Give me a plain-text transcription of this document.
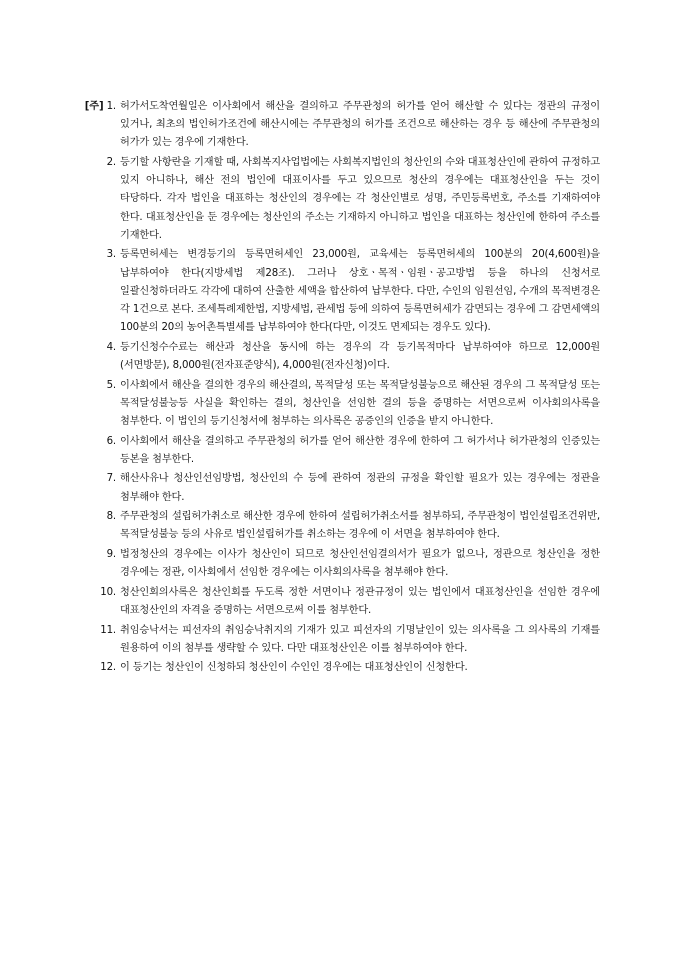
[주] 1. 허가서도착연월일은 이사회에서 해산을 결의하고 주무관청의 허가를 얻어 해산할 수 있다는 정관의 규정이 있거나, 최초의 법인허가조건에 해산시에는 주무관청의 허가를 조건으로 해산하는 경우 등 해산에 주무관청의 허가가 있는 경우에 기재한다.
2. 등기할 사항란을 기재할 때, 사회복지사업법에는 사회복지법인의 청산인의 수와 대표청산인에 관하여 규정하고 있지 아니하나, 해산 전의 법인에 대표이사를 두고 있으므로 청산의 경우에는 대표청산인을 두는 것이 타당하다. 각자 법인을 대표하는 청산인의 경우에는 각 청산인별로 성명, 주민등록번호, 주소를 기재하여야 한다. 대표청산인을 둔 경우에는 청산인의 주소는 기재하지 아니하고 법인을 대표하는 청산인에 한하여 주소를 기재한다.
3. 등록면허세는 변경등기의 등록면허세인 23,000원, 교육세는 등록면허세의 100분의 20(4,600원)을 납부하여야 한다(지방세법 제28조). 그러나 상호ㆍ목적ㆍ임원ㆍ공고방법 등을 하나의 신청서로 일괄신청하더라도 각각에 대하여 산출한 세액을 합산하여 납부한다. 다만, 수인의 임원선임, 수개의 목적변경은 각 1건으로 본다. 조세특례제한법, 지방세법, 관세법 등에 의하여 등록면허세가 감면되는 경우에 그 감면세액의 100분의 20의 농어촌특별세를 납부하여야 한다(다만, 이것도 면제되는 경우도 있다).
4. 등기신청수수료는 해산과 청산을 동시에 하는 경우의 각 등기목적마다 납부하여야 하므로 12,000원(서면방문), 8,000원(전자표준양식), 4,000원(전자신청)이다.
5. 이사회에서 해산을 결의한 경우의 해산결의, 목적달성 또는 목적달성불능으로 해산된 경우의 그 목적달성 또는 목적달성불능등 사실을 확인하는 결의, 청산인을 선임한 결의 등을 증명하는 서면으로써 이사회의사록을 첨부한다. 이 법인의 등기신청서에 첨부하는 의사록은 공증인의 인증을 받지 아니한다.
6. 이사회에서 해산을 결의하고 주무관청의 허가를 얻어 해산한 경우에 한하여 그 허가서나 허가관청의 인증있는 등본을 첨부한다.
7. 해산사유나 청산인선임방법, 청산인의 수 등에 관하여 정관의 규정을 확인할 필요가 있는 경우에는 정관을 첨부해야 한다.
8. 주무관청의 설립허가취소로 해산한 경우에 한하여 설립허가취소서를 첨부하되, 주무관청이 법인설립조건위반, 목적달성불능 등의 사유로 법인설립허가를 취소하는 경우에 이 서면을 첨부하여야 한다.
9. 법정청산의 경우에는 이사가 청산인이 되므로 청산인선임결의서가 필요가 없으나, 정관으로 청산인을 정한 경우에는 정관, 이사회에서 선임한 경우에는 이사회의사록을 첨부해야 한다.
10. 청산인회의사록은 청산인회를 두도록 정한 서면이나 정관규정이 있는 법인에서 대표청산인을 선임한 경우에 대표청산인의 자격을 증명하는 서면으로써 이를 첨부한다.
11. 취임승낙서는 피선자의 취임승낙취지의 기재가 있고 피선자의 기명날인이 있는 의사록을 그 의사록의 기재를 원용하여 이의 첨부를 생략할 수 있다. 다만 대표청산인은 이를 첨부하여야 한다.
12. 이 등기는 청산인이 신청하되 청산인이 수인인 경우에는 대표청산인이 신청한다.
